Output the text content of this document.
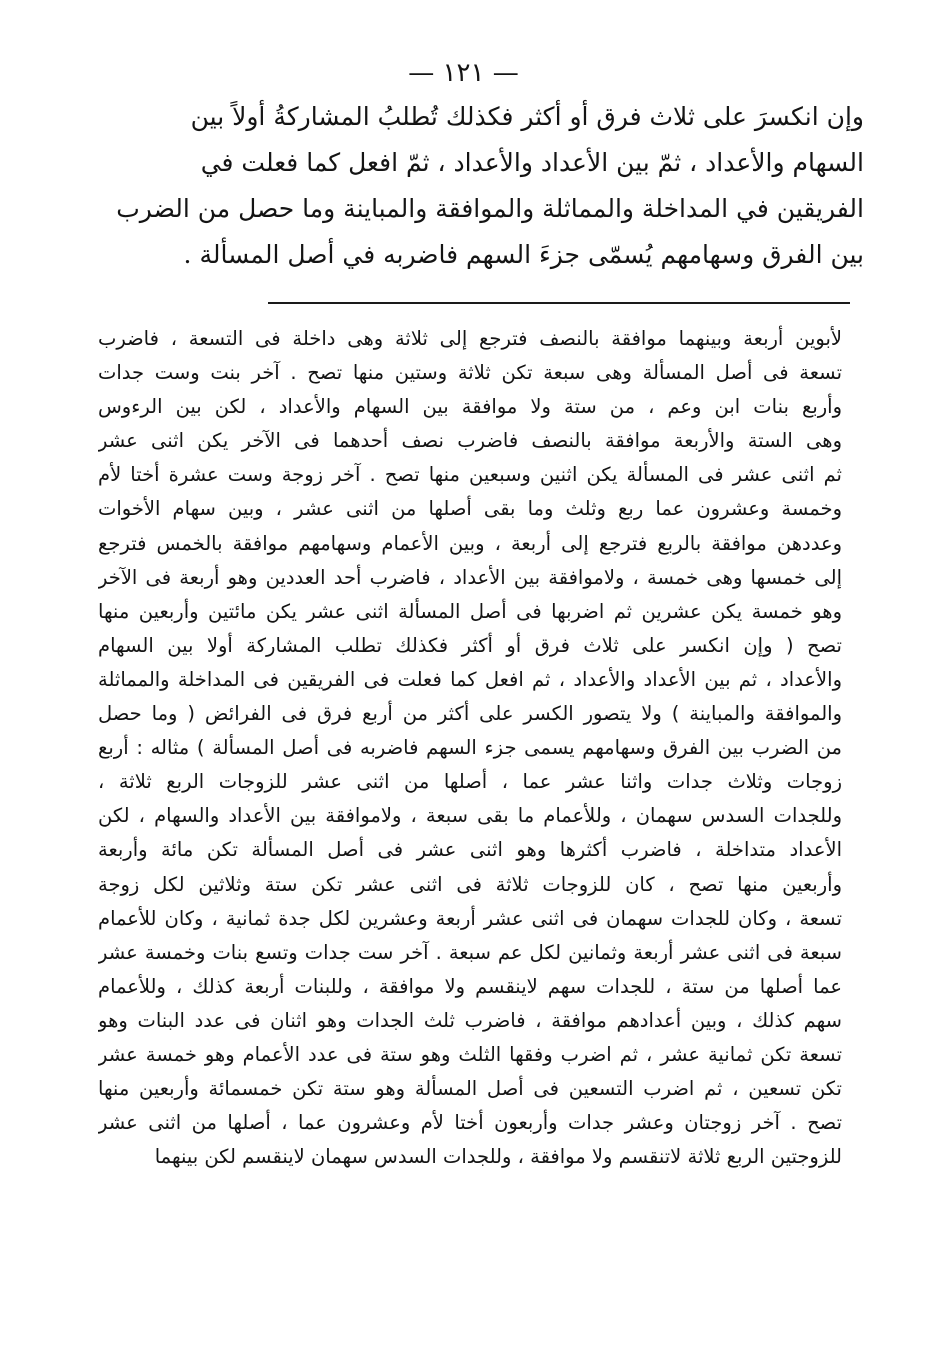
— ١٢١ —

وإن انكسرَ على ثلاث فرق أو أكثر فكذلك تُطلبُ المشاركةُ أولاً بين

السهام والأعداد ، ثمّ بين الأعداد والأعداد ، ثمّ افعل كما فعلت في

الفريقين في المداخلة والمماثلة والموافقة والمباينة وما حصل من الضرب

بين الفرق وسهامهم يُسمّى جزءَ السهم فاضربه في أصل المسألة .

لأبوين أربعة وبينهما موافقة بالنصف فترجع إلى ثلاثة وهى داخلة فى التسعة ، فاضرب
تسعة فى أصل المسألة وهى سبعة تكن ثلاثة وستين منها تصح . آخر بنت وست جدات
وأربع بنات ابن وعم ، من ستة ولا موافقة بين السهام والأعداد ، لكن بين الرءوس
وهى الستة والأربعة موافقة بالنصف فاضرب نصف أحدهما فى الآخر يكن اثنى عشر
ثم اثنى عشر فى المسألة يكن اثنين وسبعين منها تصح . آخر زوجة وست عشرة أختا لأم
وخمسة وعشرون عما ربع وثلث وما بقى أصلها من اثنى عشر ، وبين سهام الأخوات
وعددهن موافقة بالربع فترجع إلى أربعة ، وبين الأعمام وسهامهم موافقة بالخمس فترجع
إلى خمسها وهى خمسة ، ولاموافقة بين الأعداد ، فاضرب أحد العددين وهو أربعة فى الآخر
وهو خمسة يكن عشرين ثم اضربها فى أصل المسألة اثنى عشر يكن مائتين وأربعين منها
تصح ( وإن انكسر على ثلاث فرق أو أكثر فكذلك تطلب المشاركة أولا بين السهام
والأعداد ، ثم بين الأعداد والأعداد ، ثم افعل كما فعلت فى الفريقين فى المداخلة والمماثلة
والموافقة والمباينة ) ولا يتصور الكسر على أكثر من أربع فرق فى الفرائض ( وما حصل
من الضرب بين الفرق وسهامهم يسمى جزء السهم فاضربه فى أصل المسألة ) مثاله : أربع
زوجات وثلاث جدات واثنا عشر عما ، أصلها من اثنى عشر للزوجات الربع ثلاثة ،
وللجدات السدس سهمان ، وللأعمام ما بقى سبعة ، ولاموافقة بين الأعداد والسهام ، لكن
الأعداد متداخلة ، فاضرب أكثرها وهو اثنى عشر فى أصل المسألة تكن مائة وأربعة
وأربعين منها تصح ، كان للزوجات ثلاثة فى اثنى عشر تكن ستة وثلاثين لكل زوجة
تسعة ، وكان للجدات سهمان فى اثنى عشر أربعة وعشرين لكل جدة ثمانية ، وكان للأعمام
سبعة فى اثنى عشر أربعة وثمانين لكل عم سبعة . آخر ست جدات وتسع بنات وخمسة عشر
عما أصلها من ستة ، للجدات سهم لاينقسم ولا موافقة ، وللبنات أربعة كذلك ، وللأعمام
سهم كذلك ، وبين أعدادهم موافقة ، فاضرب ثلث الجدات وهو اثنان فى عدد البنات وهو
تسعة تكن ثمانية عشر ، ثم اضرب وفقها الثلث وهو ستة فى عدد الأعمام وهو خمسة عشر
تكن تسعين ، ثم اضرب التسعين فى أصل المسألة وهو ستة تكن خمسمائة وأربعين منها
تصح . آخر زوجتان وعشر جدات وأربعون أختا لأم وعشرون عما ، أصلها من اثنى عشر
للزوجتين الربع ثلاثة لاتنقسم ولا موافقة ، وللجدات السدس سهمان لاينقسم لكن بينهما
